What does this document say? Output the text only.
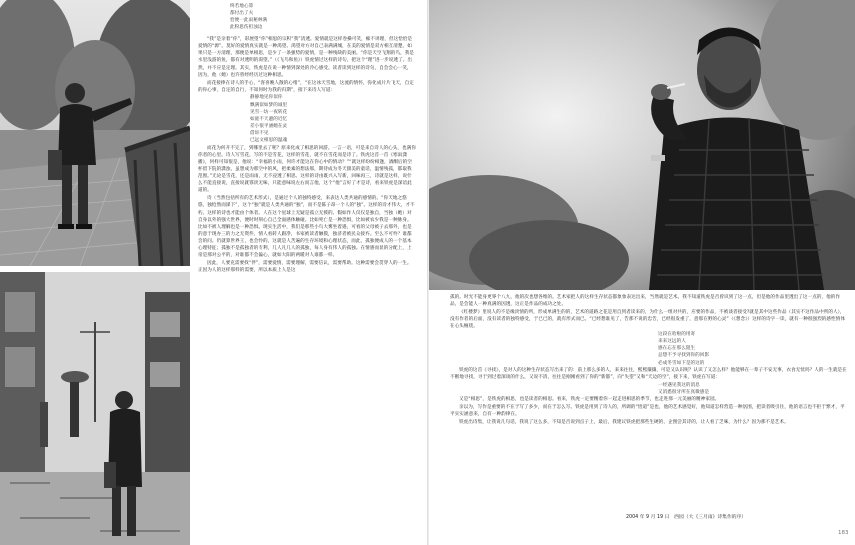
终若地心算

都付出了夫

恰便一此雨秘林满

此粉思伤担浊边

“我”是亲着“你”，彩展望“你”相思的宗积“我”清透。爱情就是这样卷操可笑，痴不讲理，但这恰恰是爱情的“源”。莫好的爱情真实就是一种渴望。渴望对方对自己表满满城，在美的爱情是双方相互清楚。如果只是一方清理，那便是单相思，是少了一条强势的爱情，是一种残缺的美丽。“你是天空飞翔的鸟，我是水里浅游的鱼，都有对透明的渴望。”（《飞鸟和鱼》）铁虎情过这样的诗句，把这个“理”进一步说透了。出然，并不应是定理。其实，铁虎是在说一种情到深处的冷心感受。读者读到这样的诗句，自会会心一笑，因为，他（她）也许曾经经历过这种相思。

而花接捧在诗人的手心，“客喜晚人散的心绪”，“在这冰天雪地，这流的情怀，弥化成片片飞天，自定的你心事，自定的自行，不知何时为我的归期”，接下来诗人写道：

静静地见你似你
飘满似如梦的诚里
见雪一坊一夜转花
如庭不天避的近忆
差小很平涵她在灵
借诉不见
已远文相思的温魂

而花为何开不完了，到哪里去了呢？原来化成了相思的回游。一言一语，可是来自诗人的心头，也满你你者的心里。诗人写雪花，写的不是雪花，这样的雪花，就不在雪花而是诗了。铁虎这首一首《寒雨潇播》，何样可知很是，他说：“幸福的小雨，何许才能这在你心中的情动？”“就这样纷纷相逢，酒酣后的空杯留下院的潇浊，虽想成为那空中的风，把柔素的想法那，期待成为冬天甜美的童话，温情残孤，都取我范围。”无论是雪花，还是雨雨，无不浸透了相思。这样的诗由既兴入写新，回味再三，诗就是这样，说什么不能直接说，直接说就寡淡无味，只能意味说左右而言他，这个“他”言好了才是诗，看来铁虎是深谙此道的。

诗（当然包括所有的艺术形式），是通过个人的独特感受，来表达人类共通的感情的。“你天地之悠悠，独怆然而涕下”，这个“独”就是人类共通的“独”，而不是陈子昂一个人的“独”。这样的诗才伟大，才不朽。这样的诗也才能由个体者。人在这个星球上无疑是孤立无援的。假如作人仅仅是独自，当独（她）对自身以外的强大世界，便时时刻心自己全面感体触碰。比如死亡是一种恐惧，比如被农少我是一种脉身。比如不被人理解也是一种恐惧。现实生活中，我们是那些小鸟大雾坐着遇，可看的父母被子去那外，也是的意于现办三的力之无资件，情人看转人跟净，书家被读者触摸，独济者被民众接弃。至么不可怜？谁都会的问。仍就算世界王，也会怜的。这就是人苦遍的生存环境和心理状态，而此，孤独便成人的一个基本心理特征；孤独不是孤独者的专利，几人凡几人的孤独，每人身有伟人的孤独。在情感而显的分配上，上帝是那对公平的，对谁都不会偏心，就如大阳的两暖对人谁都一样。

因此，人要克需要找“伴”，需要爱情，需要理解，需要信认，需要帮助。这种需要会贯穿人的一生。正因为人的这样那样的需要，所以本质上人是这

孤的。时光不能身更零个八九，他的次也想各维的。艺术家把人的这样生存状态都象象表达出来，当然就是艺术。我不知道铁虎是否曾识到了这一点，但是他的作品里透出了这一点的，他的作品，是会能人一种真满的因透，这正是作品的成功之处。

《红楼梦》里说人的不是缘淡情的所，形成单满生的的，艺术的道路之花是用自到者读来的，为什么一组对共的，应要的作品，不被谈者接受?就是其中这些作品（其实不这作品中所的人），没有作者的后面，没有读者的独特感受，于已已的，就有形式而已。“已经想谁见了，告那不说的忠告，已经很发重了，意那在野的心灵”（《想念》）这样的诗字一读，就有一种很强烈的感性情体在心头缠绕。

这段在哈啦的用寄

来来这远的人

感在忘在那么阻生

总想不予寻找到你的回影

必成冬雪如下是的这的

铁虎的这首《寻找》，是对人的这种生存状态写出来了的：前上那么多的人，来来往往，熙熙攘攘，可是又认识呢？认识了又怎么样？他能够在一辈子不安无事，衣食无忧吗？人的一生就是在不断地寻找，寻于到过着深谈的什么，又说不清，往往是刚刚看到了你的“新都”，向“失望”又和“天边的空”，接下来，铁虎在写道：

一经遇见我这的消息

又消悉很牙所在真微感是

又是“相思”，是铁虎的相思，也是读者的相思。看来，铁虎一定要精着你一起走进相思的季节，也走进那一元美丽的精神家园。

亲以为，写作是重要的不在于写了多少，而在于怎么写。铁虎是用到了诗人的，所调的“悟道”是也，他的艺术感觉好，他知道怎样营造一种氛围，把读者吸引住，他的语言也不拒于繁才，平平实实涵意来，自有一种韵律在。

铁虎出诗集，让我说几句话，我说了这么多，不知是否说到点子上，最后，我建议铁虎把那些生硬的，企图尝其诗的，让人看了乏味，为什么？因为那不是艺术。

2004 年 9 月 19 日　西园（大《三月雨》诗集作的序）
183
